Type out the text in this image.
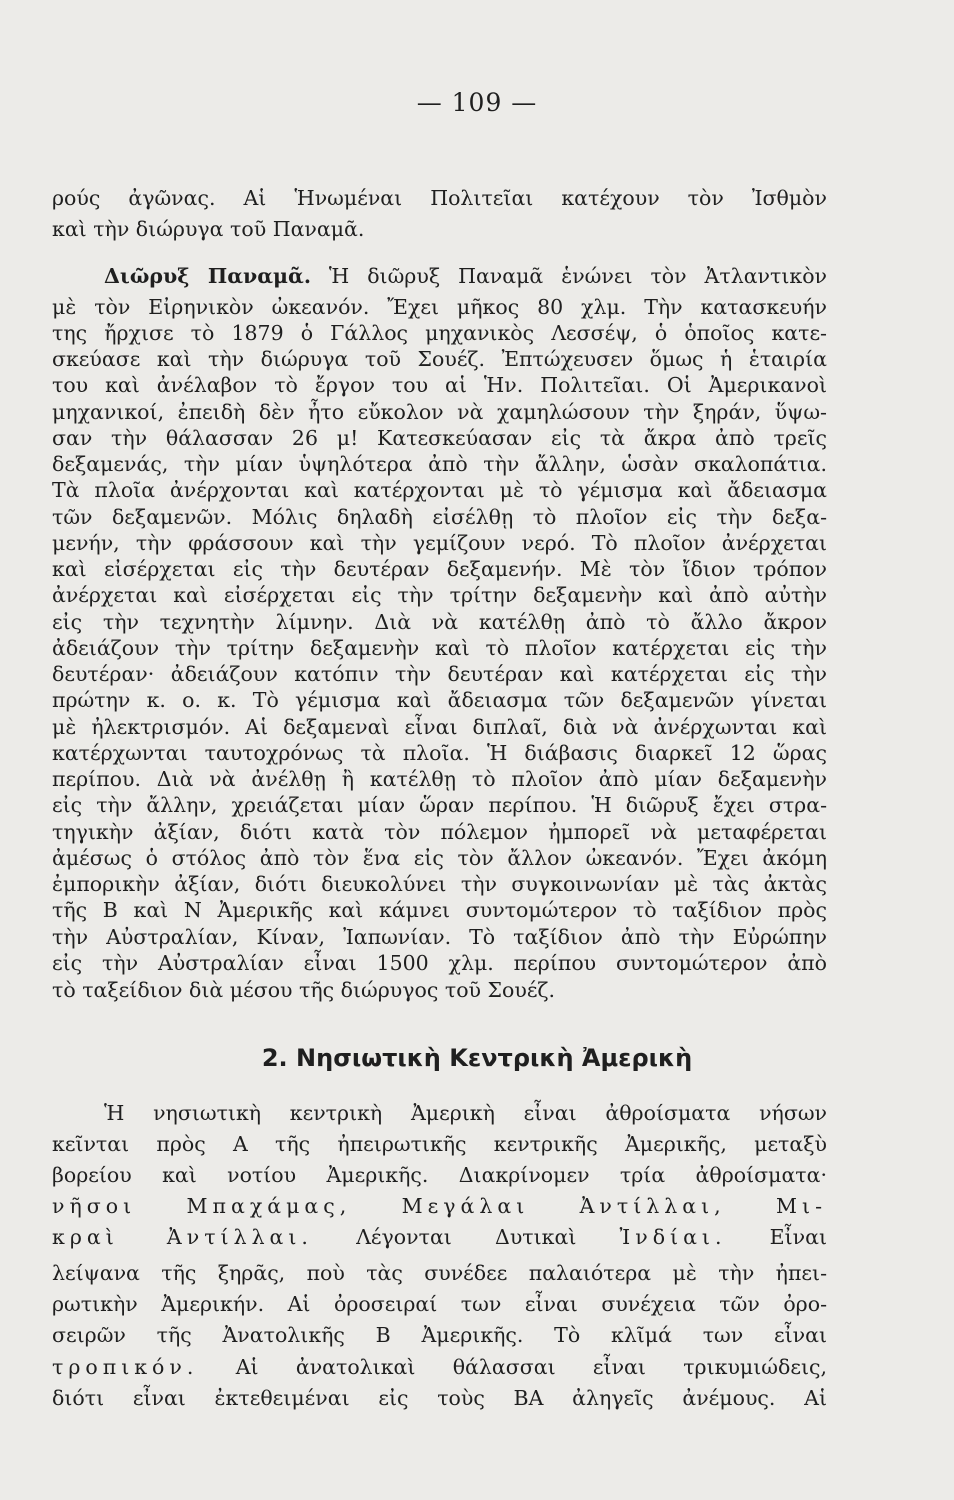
— 109 —
ρούς ἀγῶνας. Αἱ Ἡνωμέναι Πολιτεῖαι κατέχουν τὸν Ἰσθμὸν
καὶ τὴν διώρυγα τοῦ Παναμᾶ.
Διῶρυξ Παναμᾶ. Ἡ διῶρυξ Παναμᾶ ἑνώνει τὸν Ἀτλαντικὸν
μὲ τὸν Εἰρηνικὸν ὠκεανόν. Ἔχει μῆκος 80 χλμ. Τὴν κατασκευήν
της ἤρχισε τὸ 1879 ὁ Γάλλος μηχανικὸς Λεσσέψ, ὁ ὁποῖος κατε-
σκεύασε καὶ τὴν διώρυγα τοῦ Σουέζ. Ἐπτώχευσεν ὅμως ἡ ἑταιρία
του καὶ ἀνέλαβον τὸ ἔργον του αἱ Ἡν. Πολιτεῖαι. Οἱ Ἀμερικανοὶ
μηχανικοί, ἐπειδὴ δὲν ἦτο εὔκολον νὰ χαμηλώσουν τὴν ξηράν, ὕψω-
σαν τὴν θάλασσαν 26 μ! Κατεσκεύασαν εἰς τὰ ἄκρα ἀπὸ τρεῖς
δεξαμενάς, τὴν μίαν ὑψηλότερα ἀπὸ τὴν ἄλλην, ὡσὰν σκαλοπάτια.
Τὰ πλοῖα ἀνέρχονται καὶ κατέρχονται μὲ τὸ γέμισμα καὶ ἄδειασμα
τῶν δεξαμενῶν. Μόλις δηλαδὴ εἰσέλθῃ τὸ πλοῖον εἰς τὴν δεξα-
μενήν, τὴν φράσσουν καὶ τὴν γεμίζουν νερό. Τὸ πλοῖον ἀνέρχεται
καὶ εἰσέρχεται εἰς τὴν δευτέραν δεξαμενήν. Μὲ τὸν ἴδιον τρόπον
ἀνέρχεται καὶ εἰσέρχεται εἰς τὴν τρίτην δεξαμενὴν καὶ ἀπὸ αὐτὴν
εἰς τὴν τεχνητὴν λίμνην. Διὰ νὰ κατέλθῃ ἀπὸ τὸ ἄλλο ἄκρον
ἀδειάζουν τὴν τρίτην δεξαμενὴν καὶ τὸ πλοῖον κατέρχεται εἰς τὴν
δευτέραν· ἀδειάζουν κατόπιν τὴν δευτέραν καὶ κατέρχεται εἰς τὴν
πρώτην κ. ο. κ. Τὸ γέμισμα καὶ ἄδειασμα τῶν δεξαμενῶν γίνεται
μὲ ἠλεκτρισμόν. Αἱ δεξαμεναὶ εἶναι διπλαῖ, διὰ νὰ ἀνέρχωνται καὶ
κατέρχωνται ταυτοχρόνως τὰ πλοῖα. Ἡ διάβασις διαρκεῖ 12 ὥρας
περίπου. Διὰ νὰ ἀνέλθῃ ἢ κατέλθῃ τὸ πλοῖον ἀπὸ μίαν δεξαμενὴν
εἰς τὴν ἄλλην, χρειάζεται μίαν ὥραν περίπου. Ἡ διῶρυξ ἔχει στρα-
τηγικὴν ἀξίαν, διότι κατὰ τὸν πόλεμον ἠμπορεῖ νὰ μεταφέρεται
ἀμέσως ὁ στόλος ἀπὸ τὸν ἕνα εἰς τὸν ἄλλον ὠκεανόν. Ἔχει ἀκόμη
ἐμπορικὴν ἀξίαν, διότι διευκολύνει τὴν συγκοινωνίαν μὲ τὰς ἀκτὰς
τῆς Β καὶ Ν Ἀμερικῆς καὶ κάμνει συντομώτερον τὸ ταξίδιον πρὸς
τὴν Αὐστραλίαν, Κίναν, Ἰαπωνίαν. Τὸ ταξίδιον ἀπὸ τὴν Εὐρώπην
εἰς τὴν Αὐστραλίαν εἶναι 1500 χλμ. περίπου συντομώτερον ἀπὸ
τὸ ταξείδιον διὰ μέσου τῆς διώρυγος τοῦ Σουέζ.
2. Νησιωτικὴ Κεντρικὴ Ἀμερικὴ
Ἡ νησιωτικὴ κεντρικὴ Ἀμερικὴ εἶναι ἀθροίσματα νήσων
κεῖνται πρὸς Α τῆς ἠπειρωτικῆς κεντρικῆς Ἀμερικῆς, μεταξὺ
βορείου καὶ νοτίου Ἀμερικῆς. Διακρίνομεν τρία ἀθροίσματα·
νῆσοι Μπαχάμας, Μεγάλαι Ἀντίλλαι, Μι-
κραὶ Ἀντίλλαι. Λέγονται Δυτικαὶ Ἰνδίαι. Εἶναι
λείψανα τῆς ξηρᾶς, ποὺ τὰς συνέδεε παλαιότερα μὲ τὴν ἠπει-
ρωτικὴν Ἀμερικήν. Αἱ ὀροσειραί των εἶναι συνέχεια τῶν ὀρο-
σειρῶν τῆς Ἀνατολικῆς Β Ἀμερικῆς. Τὸ κλῖμά των εἶναι
τροπικόν. Αἱ ἀνατολικαὶ θάλασσαι εἶναι τρικυμιώδεις,
διότι εἶναι ἐκτεθειμέναι εἰς τοὺς ΒΑ ἀληγεῖς ἀνέμους. Αἱ
